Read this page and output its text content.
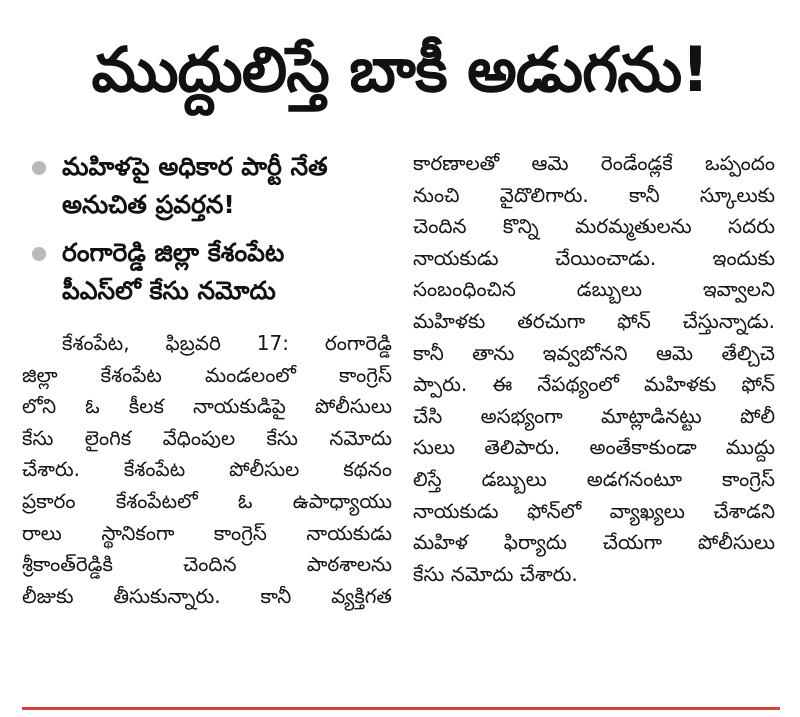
ముద్దులిస్తే బాకీ అడుగను!
మహిళపై అధికార పార్టీ నేత
అనుచిత ప్రవర్తన!
రంగారెడ్డి జిల్లా కేశంపేట
పీఎస్‌లో కేసు నమోదు
కేశంపేట, ఫిబ్రవరి 17: రంగారెడ్డి
జిల్లా కేశంపేట మండలంలో కాంగ్రెస్
లోని ఓ కీలక నాయకుడిపై పోలీసులు
కేసు లైంగిక వేధింపుల కేసు నమోదు
చేశారు. కేశంపేట పోలీసుల కథనం
ప్రకారం కేశంపేటలో ఓ ఉపాధ్యాయు
రాలు స్థానికంగా కాంగ్రెస్ నాయకుడు
శ్రీకాంత్‌రెడ్డికి చెందిన పాఠశాలను
లీజుకు తీసుకున్నారు. కానీ వ్యక్తిగత
కారణాలతో ఆమె రెండేండ్లకే ఒప్పందం
నుంచి వైదొలిగారు. కానీ స్కూలుకు
చెందిన కొన్ని మరమ్మతులను సదరు
నాయకుడు చేయించాడు. ఇందుకు
సంబంధించిన డబ్బులు ఇవ్వాలని
మహిళకు తరచుగా ఫోన్ చేస్తున్నాడు.
కానీ తాను ఇవ్వబోనని ఆమె తేల్చిచె
ప్పారు. ఈ నేపథ్యంలో మహిళకు ఫోన్
చేసి అసభ్యంగా మాట్లాడినట్టు పోలీ
సులు తెలిపారు. అంతేకాకుండా ముద్దు
లిస్తే డబ్బులు అడగనంటూ కాంగ్రెస్
నాయకుడు ఫోన్‌లో వ్యాఖ్యలు చేశాడని
మహిళ ఫిర్యాదు చేయగా పోలీసులు
కేసు నమోదు చేశారు.
